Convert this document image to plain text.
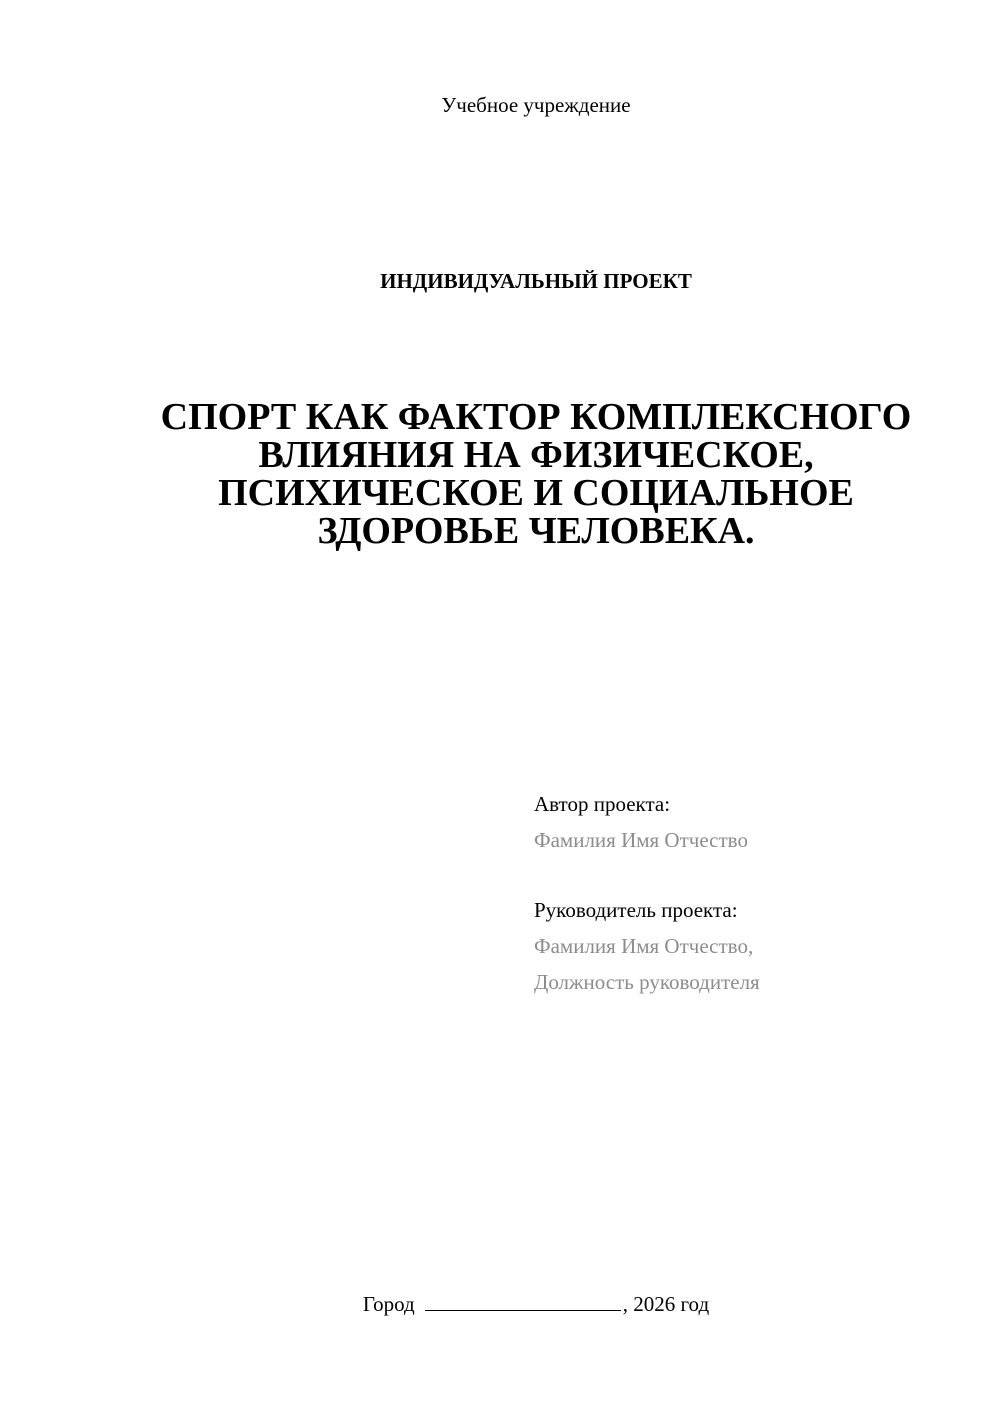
Учебное учреждение
ИНДИВИДУАЛЬНЫЙ ПРОЕКТ
СПОРТ КАК ФАКТОР КОМПЛЕКСНОГО
ВЛИЯНИЯ НА ФИЗИЧЕСКОЕ,
ПСИХИЧЕСКОЕ И СОЦИАЛЬНОЕ
ЗДОРОВЬЕ ЧЕЛОВЕКА.
Автор проекта:
Фамилия Имя Отчество
Руководитель проекта:
Фамилия Имя Отчество,
Должность руководителя
Город	, 2026 год
